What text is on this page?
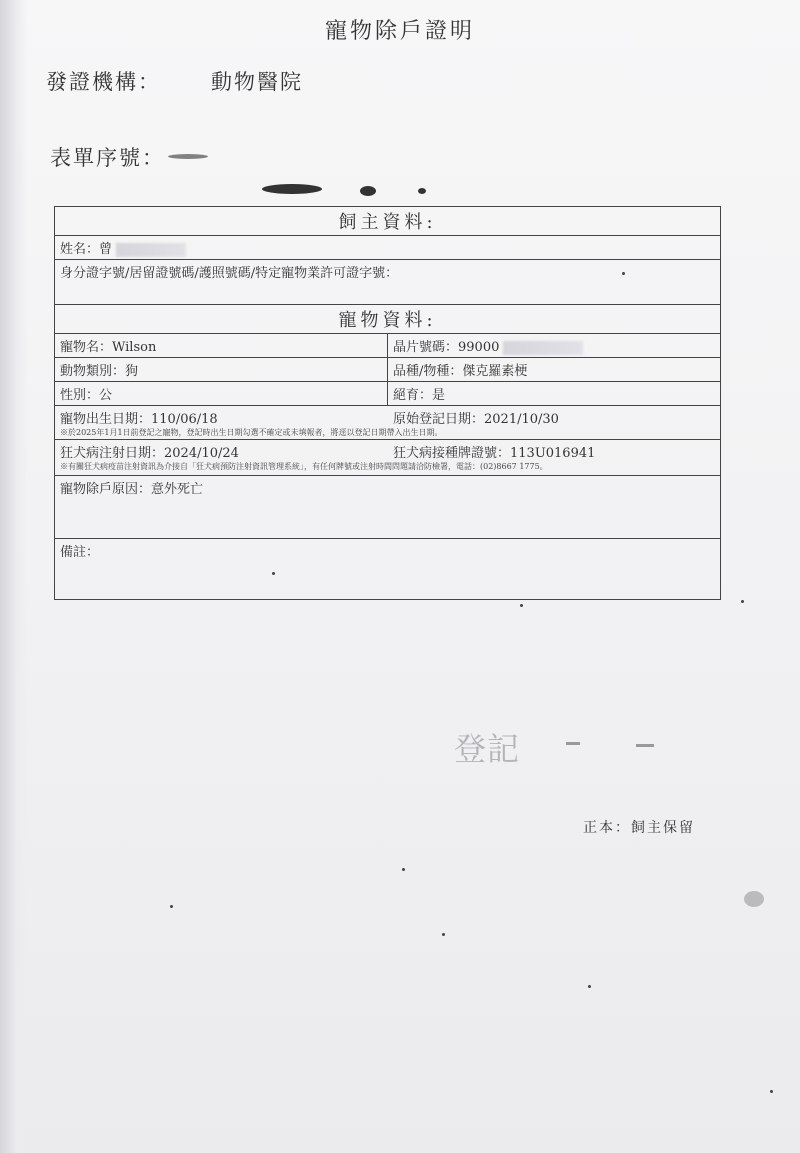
寵物除戶證明
發證機構： 動物醫院
表單序號：
飼主資料:	
姓名：曾	
身分證字號/居留證號碼/護照號碼/特定寵物業許可證字號：	
寵物資料:	
寵物名：Wilson	晶片號碼：99000
動物類別：狗	品種/物種：傑克羅素梗
性別：公	絕育：是

寵物出生日期：110/06/18 原始登記日期：2021/10/30
※於2025年1月1日前登記之寵物，登記時出生日期勾選不確定或未填報者，將逕以登記日期帶入出生日期。	

狂犬病注射日期：2024/10/24 狂犬病接種牌證號：113U016941
※有關狂犬病疫苗注射資訊為介接自「狂犬病預防注射資訊管理系統」，有任何牌號或注射時間問題請洽防檢署，電話：(02)8667 1775。	

寵物除戶原因：意外死亡	
備註：	
登記
正本：飼主保留
